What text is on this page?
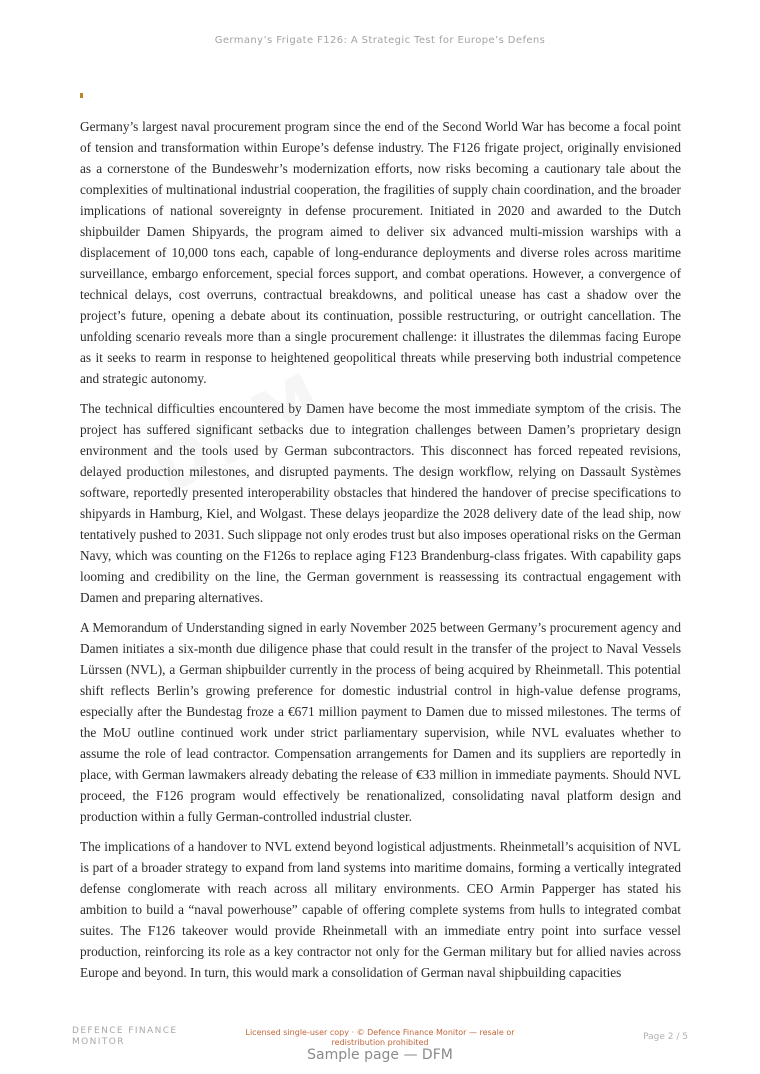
Germany’s Frigate F126: A Strategic Test for Europe’s Defens

Germany’s largest naval procurement program since the end of the Second World War has become a focal point of tension and transformation within Europe’s defense industry. The F126 frigate project, originally envisioned as a cornerstone of the Bundeswehr’s modernization efforts, now risks becoming a cautionary tale about the complexities of multinational industrial cooperation, the fragilities of supply chain coordination, and the broader implications of national sovereignty in defense procurement. Initiated in 2020 and awarded to the Dutch shipbuilder Damen Shipyards, the program aimed to deliver six advanced multi-mission warships with a displacement of 10,000 tons each, capable of long-endurance deployments and diverse roles across maritime surveillance, embargo enforcement, special forces support, and combat operations. However, a convergence of technical delays, cost overruns, contractual breakdowns, and political unease has cast a shadow over the project’s future, opening a debate about its continuation, possible restructuring, or outright cancellation. The unfolding scenario reveals more than a single procurement challenge: it illustrates the dilemmas facing Europe as it seeks to rearm in response to heightened geopolitical threats while preserving both industrial competence and strategic autonomy.

The technical difficulties encountered by Damen have become the most immediate symptom of the crisis. The project has suffered significant setbacks due to integration challenges between Damen’s proprietary design environment and the tools used by German subcontractors. This disconnect has forced repeated revisions, delayed production milestones, and disrupted payments. The design workflow, relying on Dassault Systèmes software, reportedly presented interoperability obstacles that hindered the handover of precise specifications to shipyards in Hamburg, Kiel, and Wolgast. These delays jeopardize the 2028 delivery date of the lead ship, now tentatively pushed to 2031. Such slippage not only erodes trust but also imposes operational risks on the German Navy, which was counting on the F126s to replace aging F123 Brandenburg-class frigates. With capability gaps looming and credibility on the line, the German government is reassessing its contractual engagement with Damen and preparing alternatives.

A Memorandum of Understanding signed in early November 2025 between Germany’s procurement agency and Damen initiates a six-month due diligence phase that could result in the transfer of the project to Naval Vessels Lürssen (NVL), a German shipbuilder currently in the process of being acquired by Rheinmetall. This potential shift reflects Berlin’s growing preference for domestic industrial control in high-value defense programs, especially after the Bundestag froze a €671 million payment to Damen due to missed milestones. The terms of the MoU outline continued work under strict parliamentary supervision, while NVL evaluates whether to assume the role of lead contractor. Compensation arrangements for Damen and its suppliers are reportedly in place, with German lawmakers already debating the release of €33 million in immediate payments. Should NVL proceed, the F126 program would effectively be renationalized, consolidating naval platform design and production within a fully German-controlled industrial cluster.

The implications of a handover to NVL extend beyond logistical adjustments. Rheinmetall’s acquisition of NVL is part of a broader strategy to expand from land systems into maritime domains, forming a vertically integrated defense conglomerate with reach across all military environments. CEO Armin Papperger has stated his ambition to build a “naval powerhouse” capable of offering complete systems from hulls to integrated combat suites. The F126 takeover would provide Rheinmetall with an immediate entry point into surface vessel production, reinforcing its role as a key contractor not only for the German military but for allied navies across Europe and beyond. In turn, this would mark a consolidation of German naval shipbuilding capacities

DEFENCE FINANCE
MONITOR
Licensed single-user copy · © Defence Finance Monitor — resale or redistribution prohibited
Page 2 / 5
Sample page — DFM
